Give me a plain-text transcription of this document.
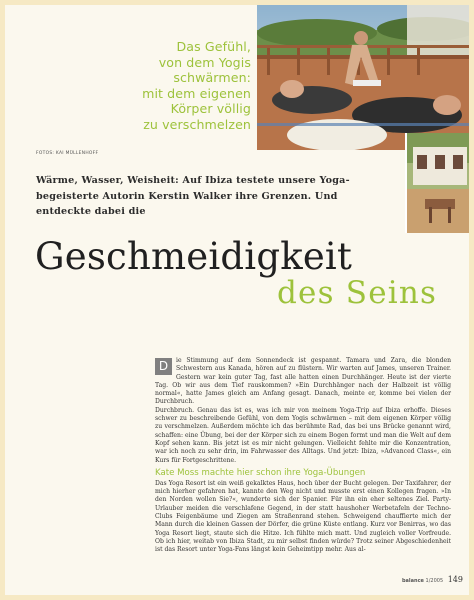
Das Gefühl,
von dem Yogis
schwärmen:
mit dem eigenen
Körper völlig
zu verschmelzen
FOTOS: KAI MÜLLENHOFF
Wärme, Wasser, Weisheit: Auf Ibiza testete unsere Yoga-begeisterte Autorin Kerstin Walker ihre Grenzen. Und entdeckte dabei die
Geschmeidigkeit
des Seins

D	ie Stimmung auf dem Sonnendeck ist gespannt. Tamara und Zara, die blonden Schwestern aus Kanada, hören auf zu flüstern. Wir warten auf James, unseren Trainer. Gestern war kein guter Tag, fast alle hatten einen Durchhänger. Heute ist der vierte Tag. Ob wir aus dem Tief rauskommen? »Ein Durchhänger nach der Halbzeit ist völlig normal«, hatte James gleich am Anfang gesagt. Danach, meinte er, komme bei vielen der Durchbruch.

Durchbruch. Genau das ist es, was ich mir von meinem Yoga-Trip auf Ibiza erhoffe. Dieses schwer zu beschreibende Gefühl, von dem Yogis schwärmen – mit dem eigenen Körper völlig zu verschmelzen. Außerdem möchte ich das berühmte Rad, das bei uns Brücke genannt wird, schaffen: eine Übung, bei der der Körper sich zu einem Bogen formt und man die Welt auf dem Kopf sehen kann. Bis jetzt ist es mir nicht gelungen. Vielleicht fehlte mir die Konzentration, war ich noch zu sehr drin, im Fahrwasser des Alltags. Und jetzt: Ibiza, »Advanced Class«, ein Kurs für Fortgeschrittene.

Kate Moss machte hier schon ihre Yoga-Übungen

Das Yoga Resort ist ein weiß gekalktes Haus, hoch über der Bucht gelegen. Der Taxifahrer, der mich hierher gefahren hat, kannte den Weg nicht und musste erst einen Kollegen fragen. »In den Norden wollen Sie?«, wunderte sich der Spanier. Für ihn ein eher seltenes Ziel. Party-Urlauber meiden die verschlafene Gegend, in der statt haushoher Werbetafeln der Techno-Clubs Feigenbäume und Ziegen am Straßenrand stehen. Schweigend chauffierte mich der Mann durch die kleinen Gassen der Dörfer, die grüne Küste entlang. Kurz vor Benirras, wo das Yoga Resort liegt, staute sich die Hitze. Ich fühlte mich matt. Und zugleich voller Vorfreude. Ob ich hier, weitab von Ibiza Stadt, zu mir selbst finden würde? Trotz seiner Abgeschiedenheit ist das Resort unter Yoga-Fans längst kein Geheimtipp mehr. Aus al-

balance 1/2005 149
